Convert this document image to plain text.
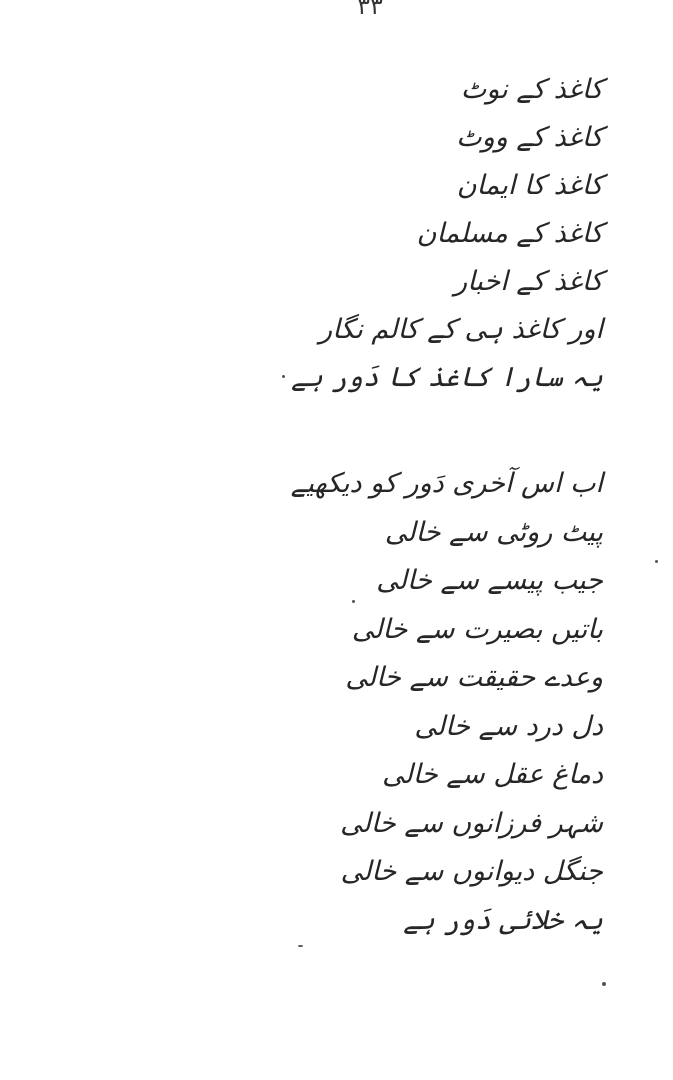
۳۳
کاغذ کے نوٹ
کاغذ کے ووٹ
کاغذ کا ایمان
کاغذ کے مسلمان
کاغذ کے اخبار
اور کاغذ ہی کے کالم نگار
یہ سارا کاغذ کا دَور ہے
اب اس آخری دَور کو دیکھیے
پیٹ روٹی سے خالی
جیب پیسے سے خالی
باتیں بصیرت سے خالی
وعدے حقیقت سے خالی
دل درد سے خالی
دماغ عقل سے خالی
شہر فرزانوں سے خالی
جنگل دیوانوں سے خالی
یہ خلائی دَور ہے
